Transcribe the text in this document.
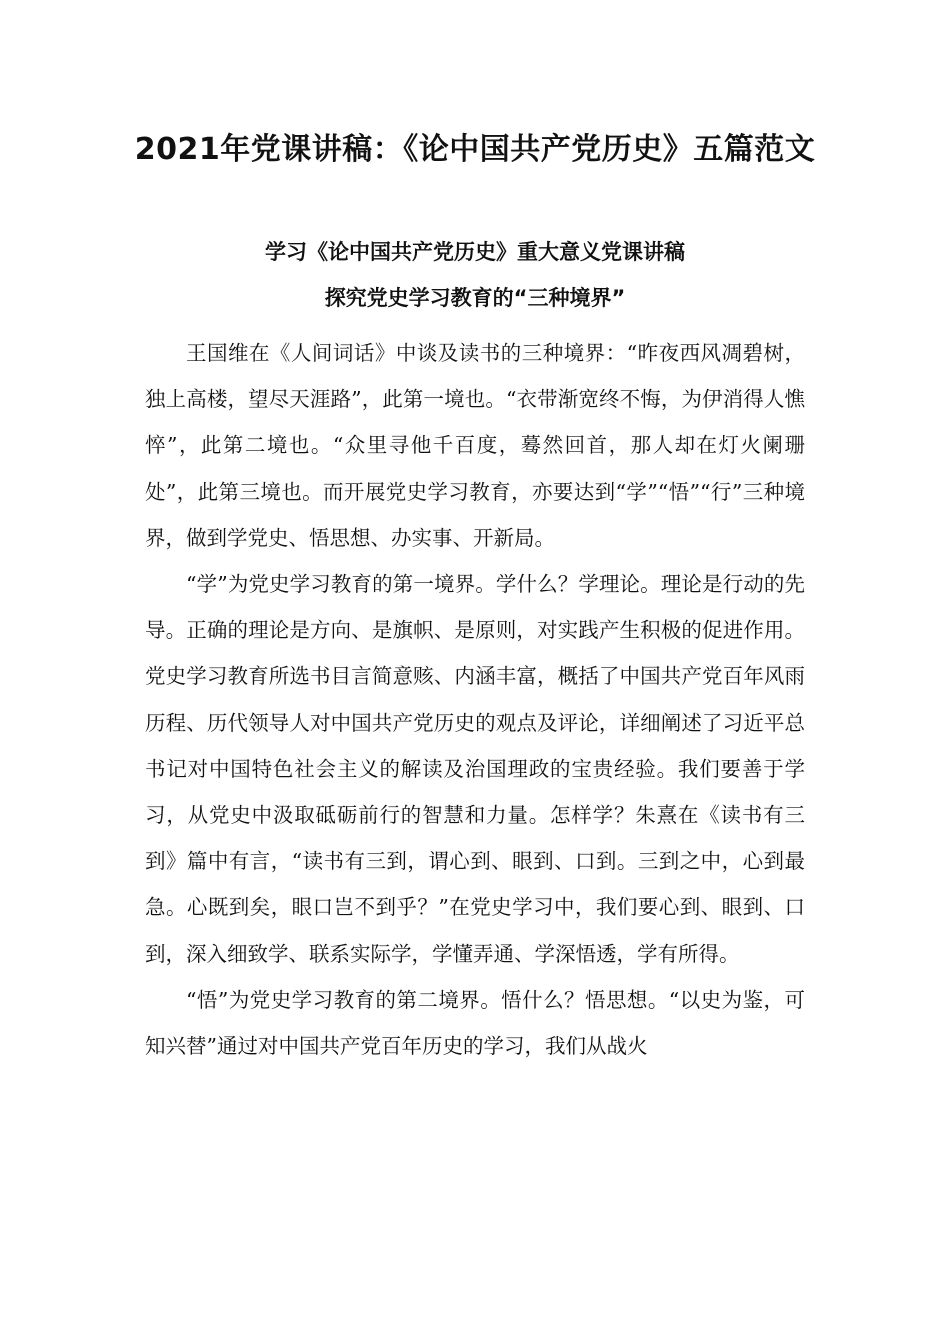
2021年党课讲稿：《论中国共产党历史》五篇范文
学习《论中国共产党历史》重大意义党课讲稿
探究党史学习教育的“三种境界”

王国维在《人间词话》中谈及读书的三种境界：“昨夜西风凋碧树，独上高楼，望尽天涯路”，此第一境也。“衣带渐宽终不悔，为伊消得人憔悴”，此第二境也。“众里寻他千百度，蓦然回首，那人却在灯火阑珊处”，此第三境也。而开展党史学习教育，亦要达到“学”“悟”“行”三种境界，做到学党史、悟思想、办实事、开新局。

“学”为党史学习教育的第一境界。学什么？学理论。理论是行动的先导。正确的理论是方向、是旗帜、是原则，对实践产生积极的促进作用。党史学习教育所选书目言简意赅、内涵丰富，概括了中国共产党百年风雨历程、历代领导人对中国共产党历史的观点及评论，详细阐述了习近平总书记对中国特色社会主义的解读及治国理政的宝贵经验。我们要善于学习，从党史中汲取砥砺前行的智慧和力量。怎样学？朱熹在《读书有三到》篇中有言，“读书有三到，谓心到、眼到、口到。三到之中，心到最急。心既到矣，眼口岂不到乎？”在党史学习中，我们要心到、眼到、口到，深入细致学、联系实际学，学懂弄通、学深悟透，学有所得。

“悟”为党史学习教育的第二境界。悟什么？悟思想。“以史为鉴，可知兴替”通过对中国共产党百年历史的学习，我们从战火
